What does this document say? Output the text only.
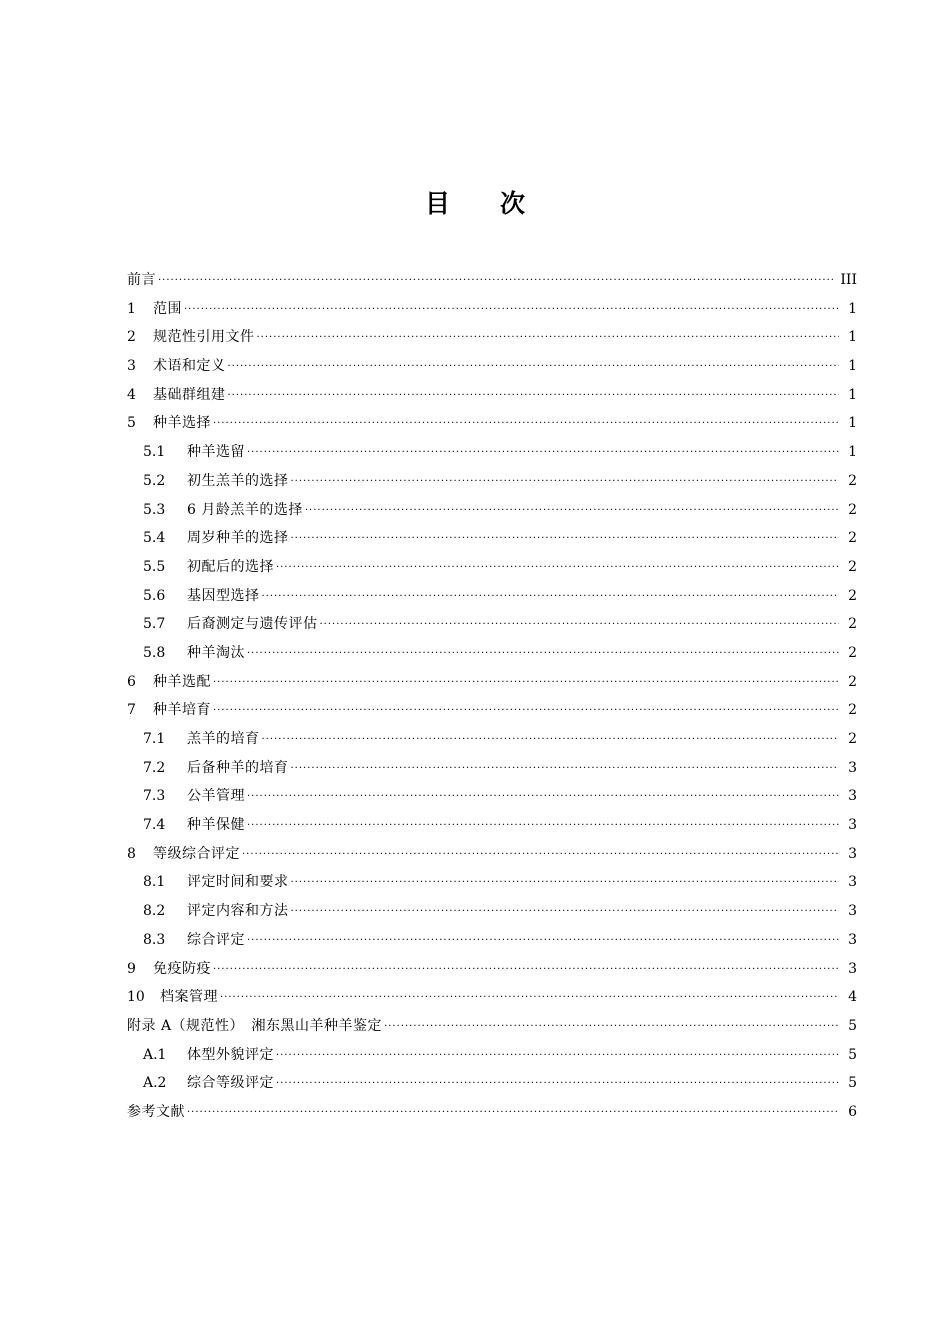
目　　次
前言 ·····	III
1	范围 ·····	1
2	规范性引用文件 ·····	1
3	术语和定义 ·····	1
4	基础群组建 ·····	1
5	种羊选择 ·····	1
5.1	种羊选留 ·····	1
5.2	初生羔羊的选择 ·····	2
5.3	6 月龄羔羊的选择 ·····	2
5.4	周岁种羊的选择 ·····	2
5.5	初配后的选择 ·····	2
5.6	基因型选择 ·····	2
5.7	后裔测定与遗传评估 ·····	2
5.8	种羊淘汰 ·····	2
6	种羊选配 ·····	2
7	种羊培育 ·····	2
7.1	羔羊的培育 ·····	2
7.2	后备种羊的培育 ·····	3
7.3	公羊管理 ·····	3
7.4	种羊保健 ·····	3
8	等级综合评定 ·····	3
8.1	评定时间和要求 ·····	3
8.2	评定内容和方法 ·····	3
8.3	综合评定 ·····	3
9	免疫防疫 ·····	3
10	档案管理 ·····	4
附录 A（规范性）　湘东黑山羊种羊鉴定 ·····	5
A.1	体型外貌评定 ·····	5
A.2	综合等级评定 ·····	5
参考文献 ·····	6
